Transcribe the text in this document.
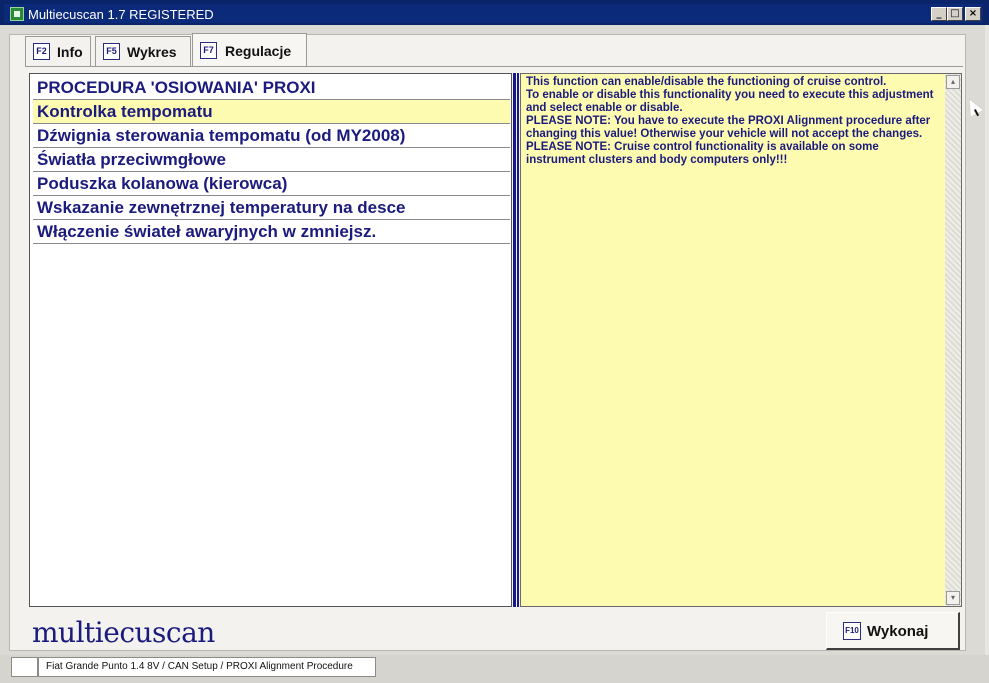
Multiecuscan 1.7 REGISTERED	_ □ ×
F2 Info	F5 Wykres	F7 Regulacje
PROCEDURA 'OSIOWANIA' PROXI
Kontrolka tempomatu
Dźwignia sterowania tempomatu (od MY2008)
Światła przeciwmgłowe
Poduszka kolanowa (kierowca)
Wskazanie zewnętrznej temperatury na desce
Włączenie świateł awaryjnych w zmniejsz.
This function can enable/disable the functioning of cruise control.
To enable or disable this functionality you need to execute this adjustment and select enable or disable.
PLEASE NOTE: You have to execute the PROXI Alignment procedure after changing this value! Otherwise your vehicle will not accept the changes.
PLEASE NOTE: Cruise control functionality is available on some instrument clusters and body computers only!!!
▴
▾
multiecuscan	F10 Wykonaj
Fiat Grande Punto 1.4 8V / CAN Setup / PROXI Alignment Procedure
